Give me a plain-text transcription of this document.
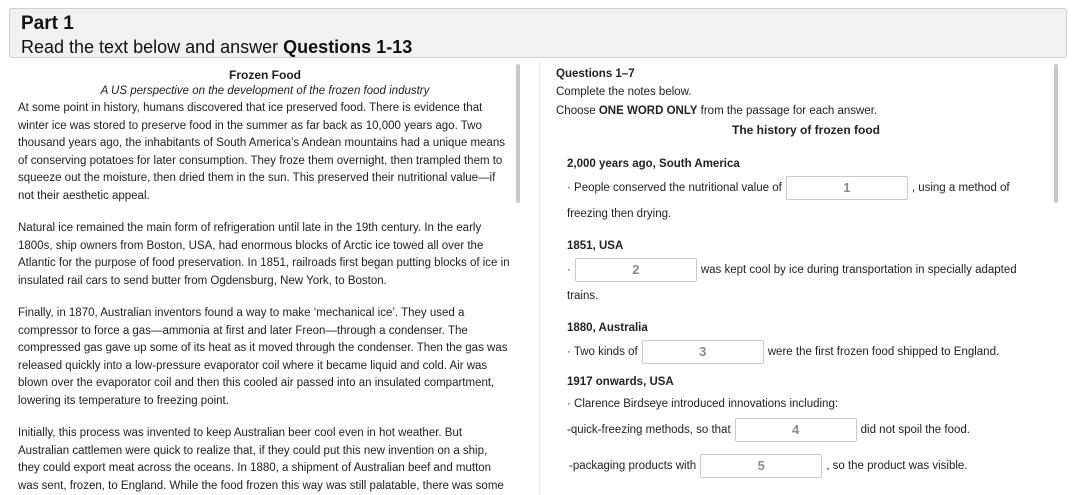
Part 1
Read the text below and answer Questions 1-13
Frozen Food
A US perspective on the development of the frozen food industry

At some point in history, humans discovered that ice preserved food. There is evidence that winter ice was stored to preserve food in the summer as far back as 10,000 years ago. Two thousand years ago, the inhabitants of South America’s Andean mountains had a unique means of conserving potatoes for later consumption. They froze them overnight, then trampled them to squeeze out the moisture, then dried them in the sun. This preserved their nutritional value—if not their aesthetic appeal.

Natural ice remained the main form of refrigeration until late in the 19th century. In the early 1800s, ship owners from Boston, USA, had enormous blocks of Arctic ice towed all over the Atlantic for the purpose of food preservation. In 1851, railroads first began putting blocks of ice in insulated rail cars to send butter from Ogdensburg, New York, to Boston.

Finally, in 1870, Australian inventors found a way to make ‘mechanical ice’. They used a compressor to force a gas—ammonia at first and later Freon—through a condenser. The compressed gas gave up some of its heat as it moved through the condenser. Then the gas was released quickly into a low-pressure evaporator coil where it became liquid and cold. Air was blown over the evaporator coil and then this cooled air passed into an insulated compartment, lowering its temperature to freezing point.

Initially, this process was invented to keep Australian beer cool even in hot weather. But Australian cattlemen were quick to realize that, if they could put this new invention on a ship, they could export meat across the oceans. In 1880, a shipment of Australian beef and mutton was sent, frozen, to England. While the food frozen this way was still palatable, there was some

Questions 1–7
Complete the notes below.
Choose ONE WORD ONLY from the passage for each answer.
The history of frozen food
2,000 years ago, South America
· People conserved the nutritional value of	1	, using a method of
freezing then drying.
1851, USA
·	2	was kept cool by ice during transportation in specially adapted
trains.
1880, Australia
· Two kinds of	3	were the first frozen food shipped to England.
1917 onwards, USA
· Clarence Birdseye introduced innovations including:
-quick-freezing methods, so that	4	did not spoil the food.
-packaging products with	5	, so the product was visible.
